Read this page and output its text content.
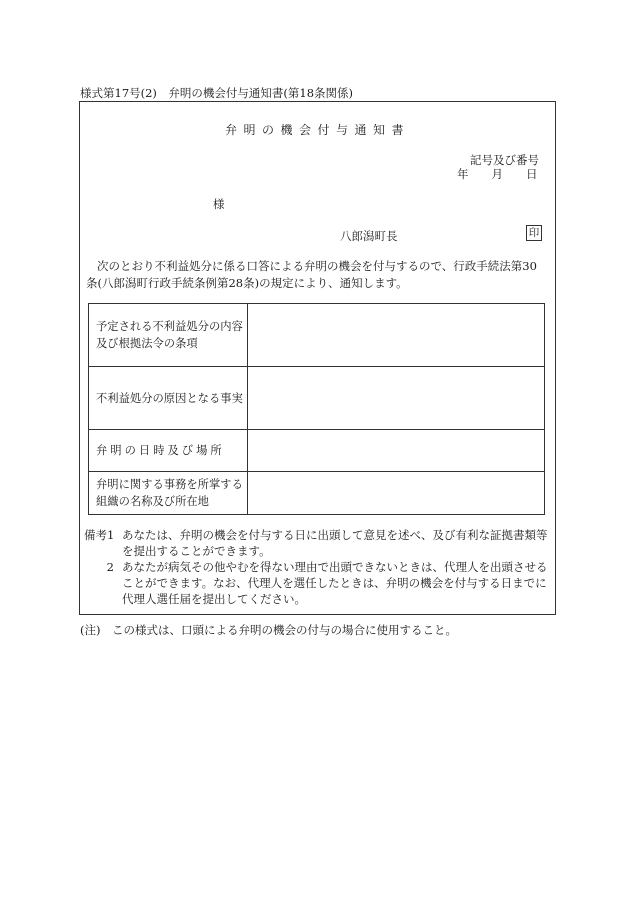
様式第17号(2)　弁明の機会付与通知書(第18条関係)
弁明の機会付与通知書
記号及び番号
年 月 日
様
八郎潟町長	印
次のとおり不利益処分に係る口答による弁明の機会を付与するので、行政手続法第30条(八郎潟町行政手続条例第28条)の規定により、通知します。
予定される不利益処分の内容及び根拠法令の条項	
不利益処分の原因となる事実	
弁明の日時及び場所	
弁明に関する事務を所掌する組織の名称及び所在地	
備考1 あなたは、弁明の機会を付与する日に出頭して意見を述べ、及び有利な証拠書類等を提出することができます。
2 あなたが病気その他やむを得ない理由で出頭できないときは、代理人を出頭させることができます。なお、代理人を選任したときは、弁明の機会を付与する日までに代理人選任届を提出してください。
(注) この様式は、口頭による弁明の機会の付与の場合に使用すること。
